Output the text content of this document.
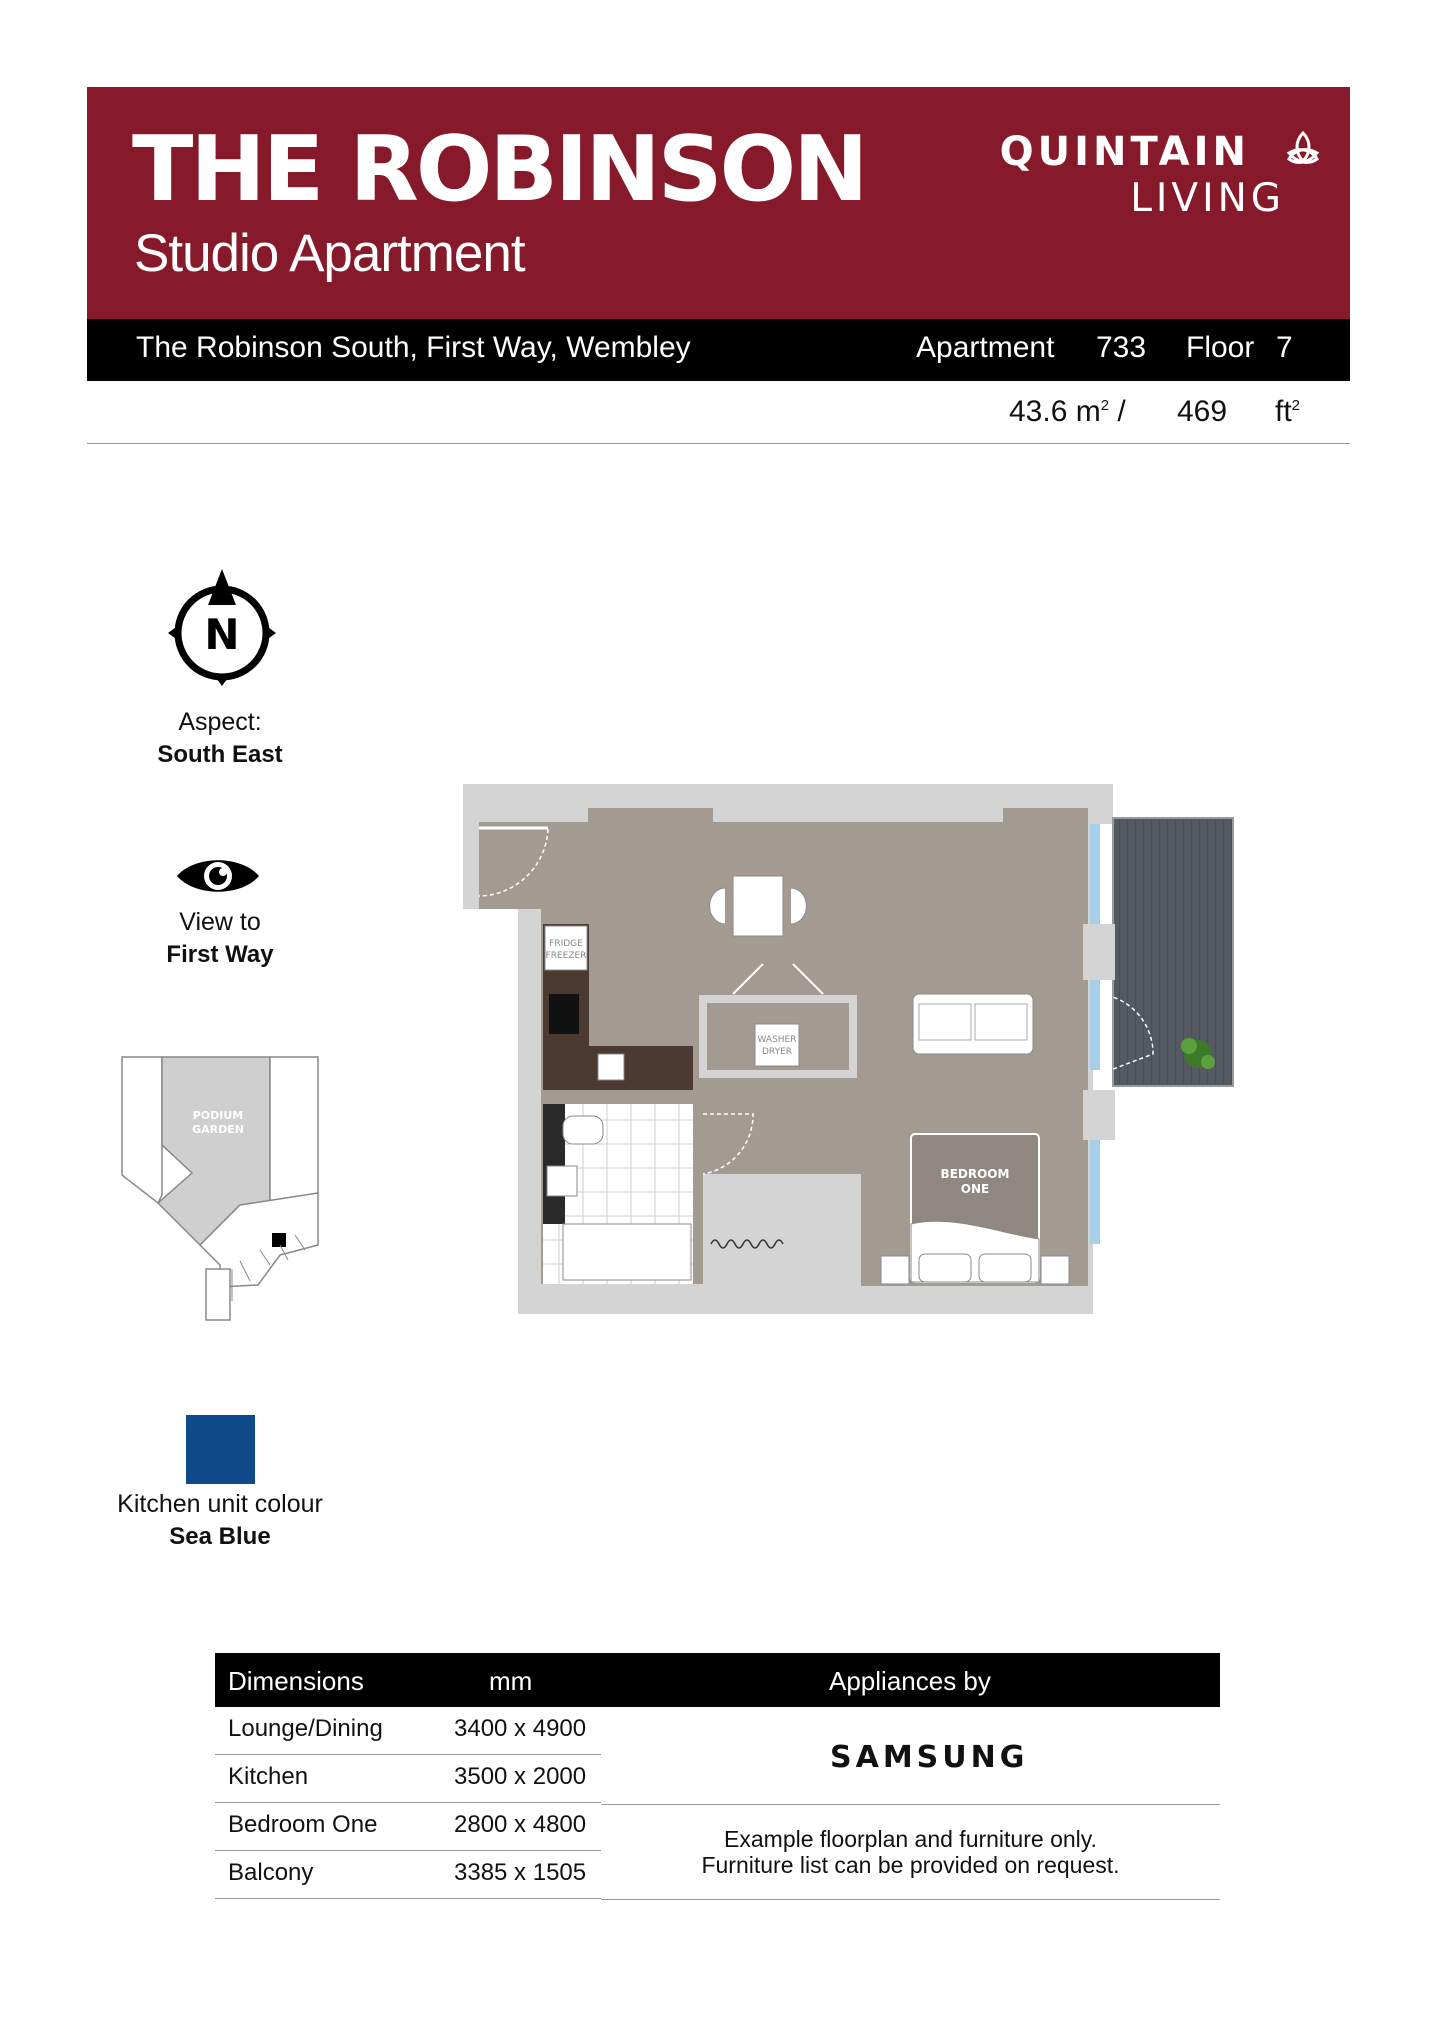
THE ROBINSON
Studio Apartment
QUINTAIN
LIVING
The Robinson South, First Way, Wembley	Apartment 733 Floor 7
43.6 $m^2 / 469$ $ft^2$
N
Aspect:
South East
View to
First Way
PODIUM GARDEN
Kitchen unit colour
Sea Blue
FRIDGE
FREEZER
WASHER
DRYER
BEDROOM
ONE
Dimensions	mm	Appliances by
Lounge/Dining	3400 x 4900
Kitchen	3500 x 2000
Bedroom One	2800 x 4800
Balcony	3385 x 1505
SAMSUNG
Example floorplan and furniture only.
Furniture list can be provided on request.
